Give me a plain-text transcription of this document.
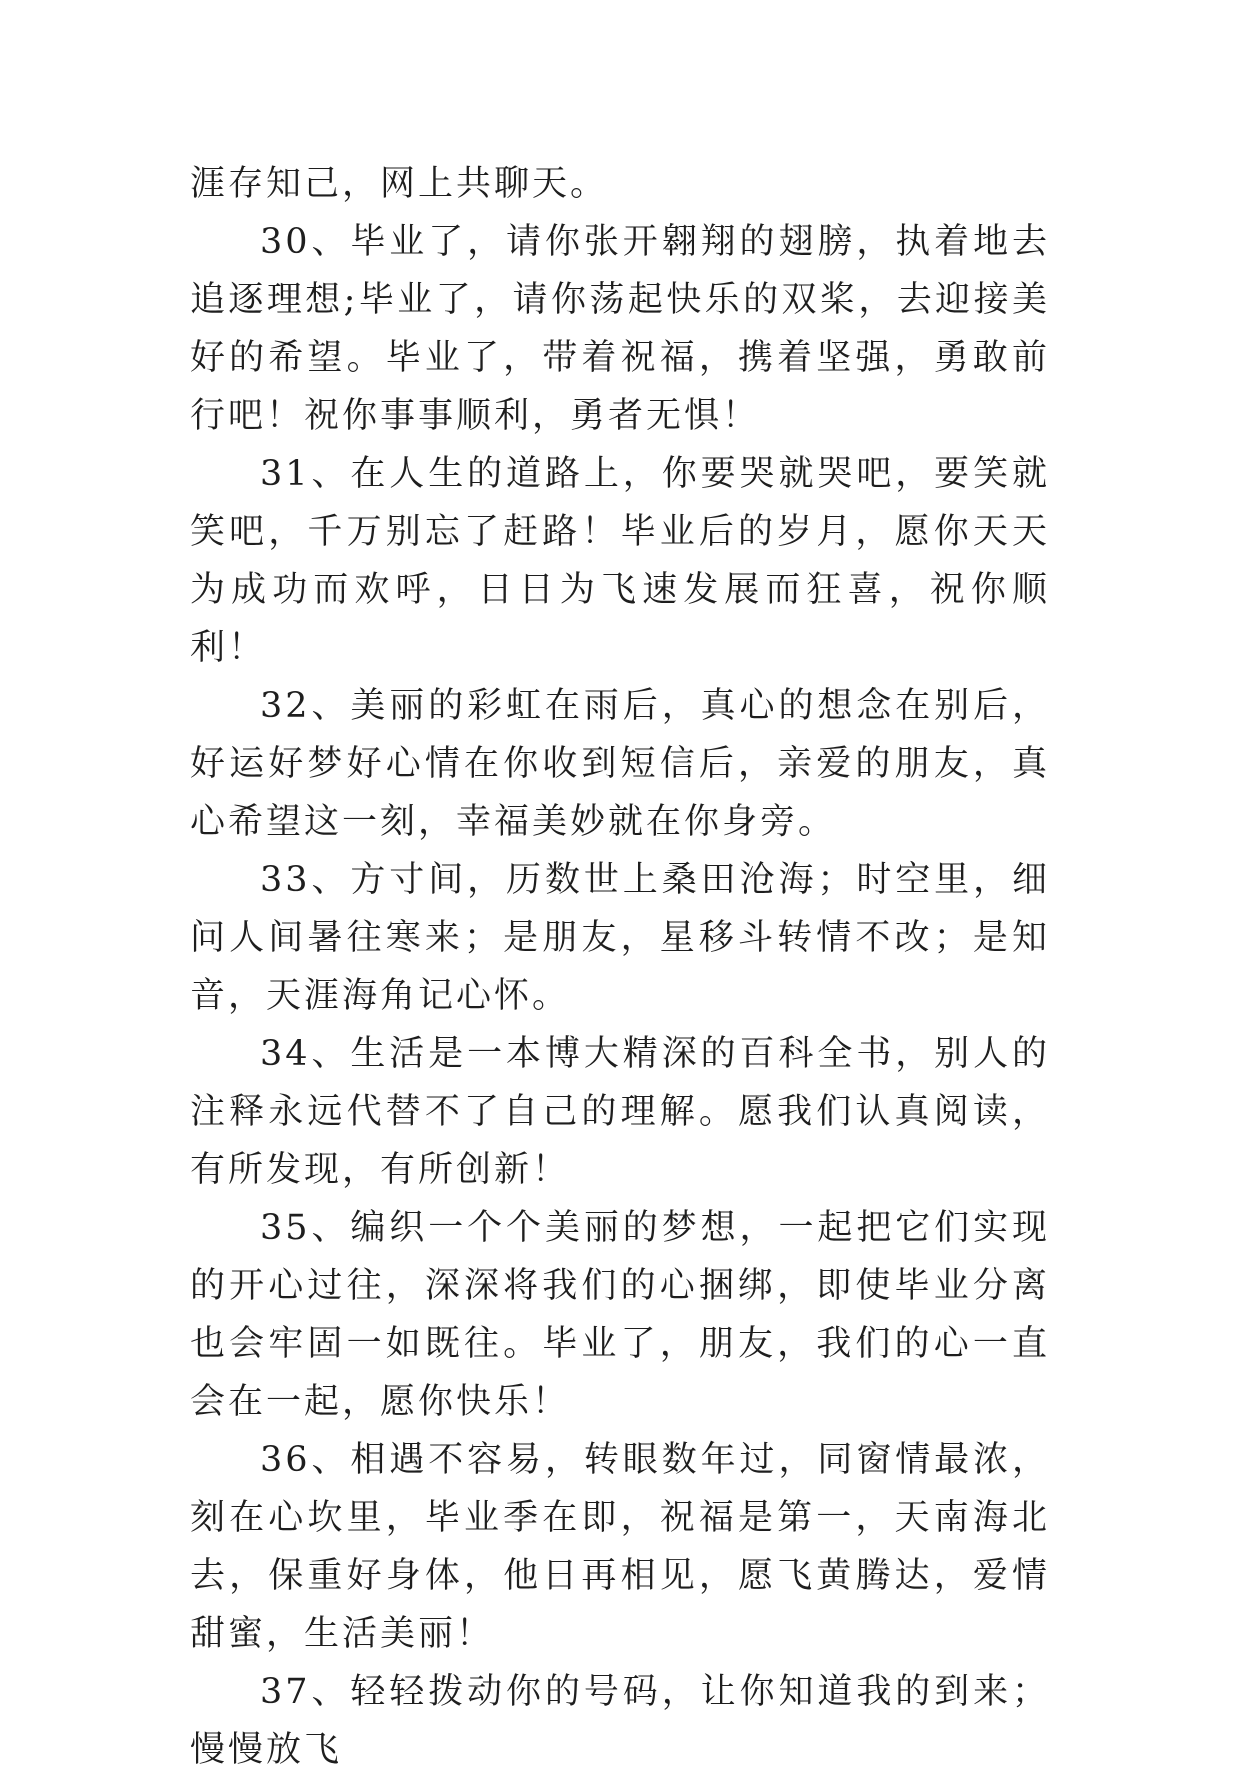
涯存知己，网上共聊天。

30、毕业了，请你张开翱翔的翅膀，执着地去追逐理想;毕业了，请你荡起快乐的双桨，去迎接美好的希望。毕业了，带着祝福，携着坚强，勇敢前行吧！祝你事事顺利，勇者无惧！

31、在人生的道路上，你要哭就哭吧，要笑就笑吧，千万别忘了赶路！毕业后的岁月，愿你天天为成功而欢呼，日日为飞速发展而狂喜，祝你顺利！

32、美丽的彩虹在雨后，真心的想念在别后，好运好梦好心情在你收到短信后，亲爱的朋友，真心希望这一刻，幸福美妙就在你身旁。

33、方寸间，历数世上桑田沧海；时空里，细问人间暑往寒来；是朋友，星移斗转情不改；是知音，天涯海角记心怀。

34、生活是一本博大精深的百科全书，别人的注释永远代替不了自己的理解。愿我们认真阅读，有所发现，有所创新！

35、编织一个个美丽的梦想，一起把它们实现的开心过往，深深将我们的心捆绑，即使毕业分离也会牢固一如既往。毕业了，朋友，我们的心一直会在一起，愿你快乐！

36、相遇不容易，转眼数年过，同窗情最浓，刻在心坎里，毕业季在即，祝福是第一，天南海北去，保重好身体，他日再相见，愿飞黄腾达，爱情甜蜜，生活美丽！

37、轻轻拨动你的号码，让你知道我的到来；慢慢放飞
